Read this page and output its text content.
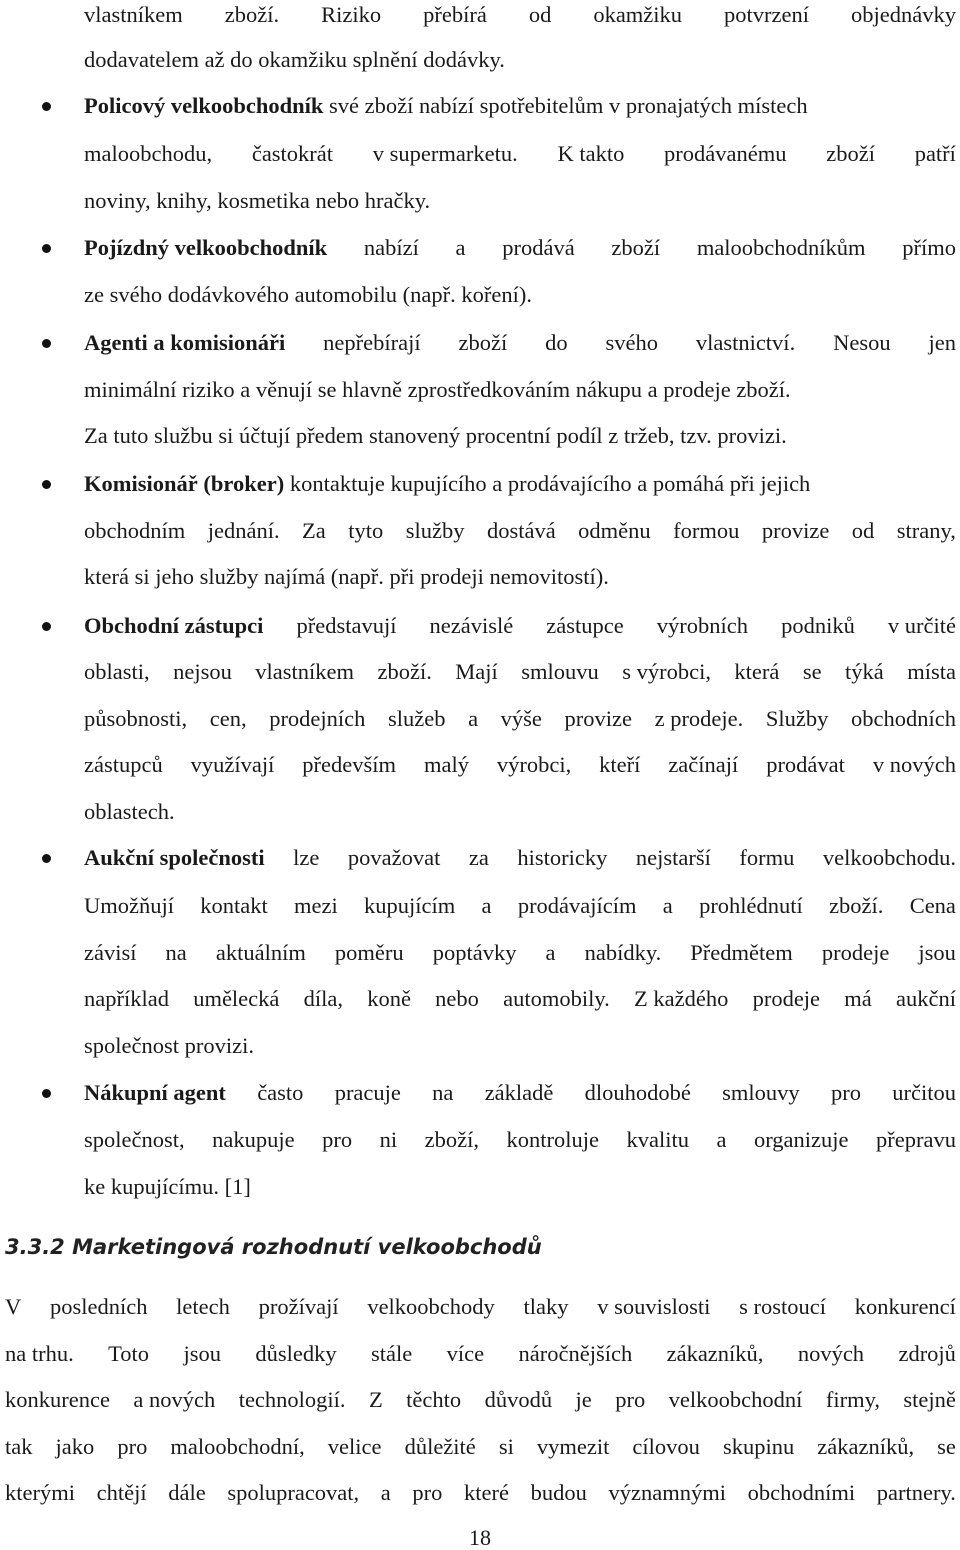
vlastníkem zboží. Riziko přebírá od okamžiku potvrzení objednávky
dodavatelem až do okamžiku splnění dodávky.
Policový velkoobchodník své zboží nabízí spotřebitelům v pronajatých místech
maloobchodu, častokrát v supermarketu. K takto prodávanému zboží patří
noviny, knihy, kosmetika nebo hračky.
Pojízdný velkoobchodník nabízí a prodává zboží maloobchodníkům přímo
ze svého dodávkového automobilu (např. koření).
Agenti a komisionáři nepřebírají zboží do svého vlastnictví. Nesou jen
minimální riziko a věnují se hlavně zprostředkováním nákupu a prodeje zboží.
Za tuto službu si účtují předem stanovený procentní podíl z tržeb, tzv. provizi.
Komisionář (broker) kontaktuje kupujícího a prodávajícího a pomáhá při jejich
obchodním jednání. Za tyto služby dostává odměnu formou provize od strany,
která si jeho služby najímá (např. při prodeji nemovitostí).
Obchodní zástupci představují nezávislé zástupce výrobních podniků v určité
oblasti, nejsou vlastníkem zboží. Mají smlouvu s výrobci, která se týká místa
působnosti, cen, prodejních služeb a výše provize z prodeje. Služby obchodních
zástupců využívají především malý výrobci, kteří začínají prodávat v nových
oblastech.
Aukční společnosti lze považovat za historicky nejstarší formu velkoobchodu.
Umožňují kontakt mezi kupujícím a prodávajícím a prohlédnutí zboží. Cena
závisí na aktuálním poměru poptávky a nabídky. Předmětem prodeje jsou
například umělecká díla, koně nebo automobily. Z každého prodeje má aukční
společnost provizi.
Nákupní agent často pracuje na základě dlouhodobé smlouvy pro určitou
společnost, nakupuje pro ni zboží, kontroluje kvalitu a organizuje přepravu
ke kupujícímu. [1]
3.3.2 Marketingová rozhodnutí velkoobchodů
V posledních letech prožívají velkoobchody tlaky v souvislosti s rostoucí konkurencí
na trhu. Toto jsou důsledky stále více náročnějších zákazníků, nových zdrojů
konkurence a nových technologií. Z těchto důvodů je pro velkoobchodní firmy, stejně
tak jako pro maloobchodní, velice důležité si vymezit cílovou skupinu zákazníků, se
kterými chtějí dále spolupracovat, a pro které budou významnými obchodními partnery.
18
